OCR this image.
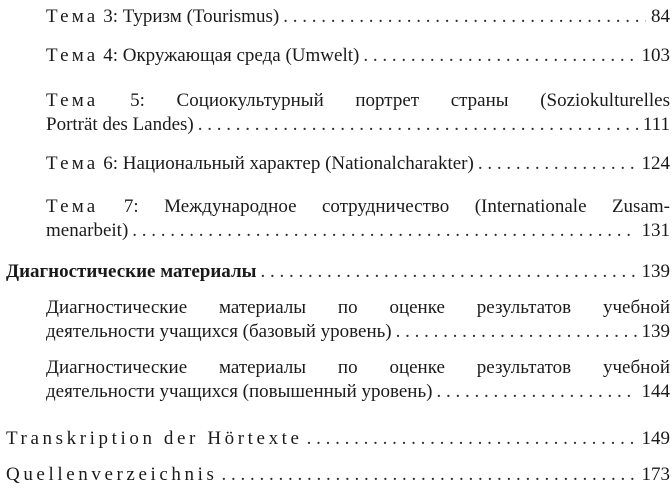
Тема 3: Туризм (Tourismus) . . .	84
Тема 4: Окружающая среда (Umwelt) . . .	103
Тема 5: Социокультурный портрет страны (Soziokulturelles
Porträt des Landes) . . .	111
Тема 6: Национальный характер (Nationalcharakter) . . .	124
Тема 7: Международное сотрудничество (Internationale Zusam-
menarbeit) . . .	131
Диагностические материалы . . .	139
Диагностические материалы по оценке результатов учебной
деятельности учащихся (базовый уровень) . . .	139
Диагностические материалы по оценке результатов учебной
деятельности учащихся (повышенный уровень) . . .	144
Transkription der Hörtexte . . .	149
Quellenverzeichnis . . .	173
